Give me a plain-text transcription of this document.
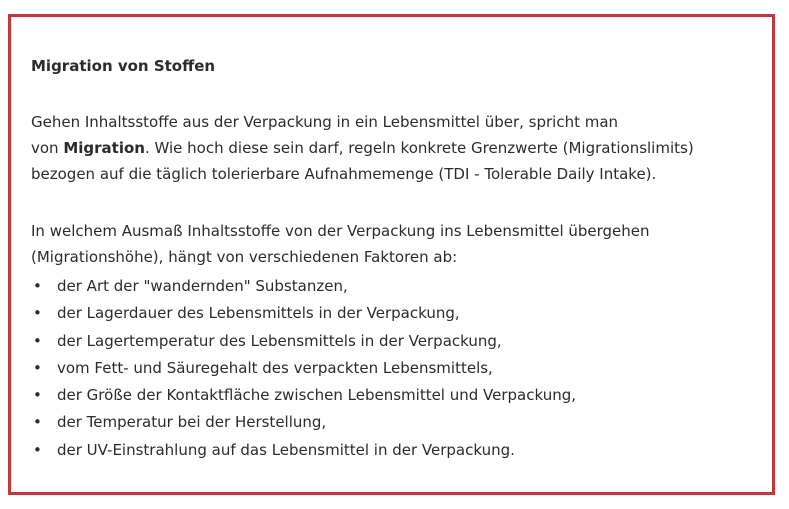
Migration von Stoffen

Gehen Inhaltsstoffe aus der Verpackung in ein Lebensmittel über, spricht man
von Migration. Wie hoch diese sein darf, regeln konkrete Grenzwerte (Migrationslimits)
bezogen auf die täglich tolerierbare Aufnahmemenge (TDI - Tolerable Daily Intake).

In welchem Ausmaß Inhaltsstoffe von der Verpackung ins Lebensmittel übergehen
(Migrationshöhe), hängt von verschiedenen Faktoren ab:

• der Art der "wandernden" Substanzen,
• der Lagerdauer des Lebensmittels in der Verpackung,
• der Lagertemperatur des Lebensmittels in der Verpackung,
• vom Fett- und Säuregehalt des verpackten Lebensmittels,
• der Größe der Kontaktfläche zwischen Lebensmittel und Verpackung,
• der Temperatur bei der Herstellung,
• der UV-Einstrahlung auf das Lebensmittel in der Verpackung.
